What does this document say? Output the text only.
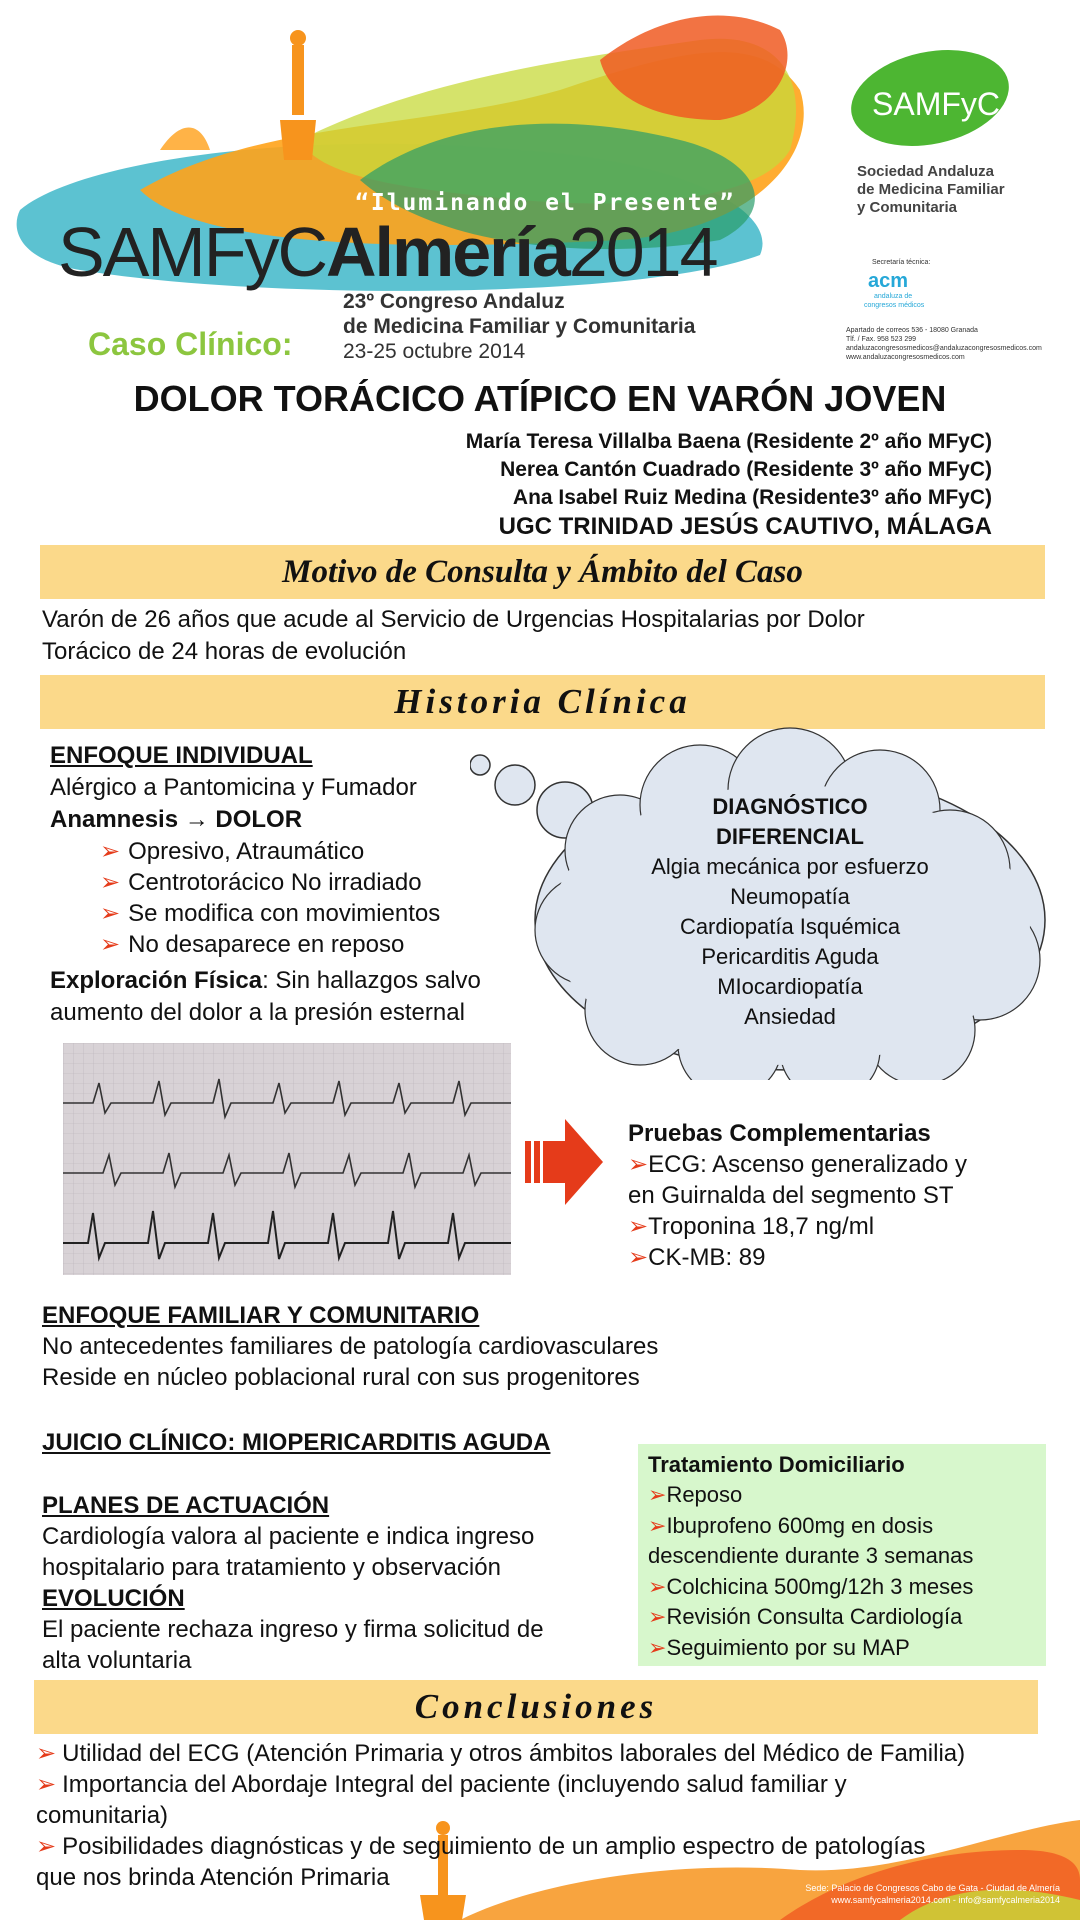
“Iluminando el Presente”
SAMFyCAlmería2014
23º Congreso Andaluz
de Medicina Familiar y Comunitaria
23-25 octubre 2014
Caso Clínico:
SAMFyC
Sociedad Andaluza
de Medicina Familiar
y Comunitaria
Secretaría técnica:
acm
andaluza de
congresos médicos
Apartado de correos 536 - 18080 Granada
Tlf. / Fax. 958 523 299
andaluzacongresosmedicos@andaluzacongresosmedicos.com
www.andaluzacongresosmedicos.com
DOLOR TORÁCICO ATÍPICO EN VARÓN JOVEN
María Teresa Villalba Baena (Residente 2º año MFyC)
Nerea Cantón Cuadrado (Residente 3º año MFyC)
Ana Isabel Ruiz Medina (Residente3º año MFyC)
UGC TRINIDAD JESÚS CAUTIVO, MÁLAGA
Motivo de Consulta y Ámbito del Caso
Varón de 26 años que acude al Servicio de Urgencias Hospitalarias por Dolor
Torácico de 24 horas de evolución
Historia Clínica
ENFOQUE INDIVIDUAL
Alérgico a Pantomicina y Fumador
Anamnesis → DOLOR
➢ Opresivo, Atraumático
➢ Centrotorácico No irradiado
➢ Se modifica con movimientos
➢ No desaparece en reposo
Exploración Física: Sin hallazgos salvo
aumento del dolor a la presión esternal
DIAGNÓSTICO
DIFERENCIAL
Algia mecánica por esfuerzo
Neumopatía
Cardiopatía Isquémica
Pericarditis Aguda
MIocardiopatía
Ansiedad
Pruebas Complementarias
➢ECG: Ascenso generalizado y
en Guirnalda del segmento ST
➢Troponina 18,7 ng/ml
➢CK-MB: 89
ENFOQUE FAMILIAR Y COMUNITARIO
No antecedentes familiares de patología cardiovasculares
Reside en núcleo poblacional rural con sus progenitores
JUICIO CLÍNICO: MIOPERICARDITIS AGUDA
PLANES DE ACTUACIÓN
Cardiología valora al paciente e indica ingreso
hospitalario para tratamiento y observación
EVOLUCIÓN
El paciente rechaza ingreso y firma solicitud de
alta voluntaria
Tratamiento Domiciliario
➢Reposo
➢Ibuprofeno 600mg en dosis
descendiente durante 3 semanas
➢Colchicina 500mg/12h 3 meses
➢Revisión Consulta Cardiología
➢Seguimiento por su MAP
Conclusiones
➢ Utilidad del ECG (Atención Primaria y otros ámbitos laborales del Médico de Familia)
➢ Importancia del Abordaje Integral del paciente (incluyendo salud familiar y
comunitaria)
➢ Posibilidades diagnósticas y de seguimiento de un amplio espectro de patologías
que nos brinda Atención Primaria	Sede: Palacio de Congresos Cabo de Gata - Ciudad de Almería
www.samfycalmeria2014.com - info@samfycalmeria2014
